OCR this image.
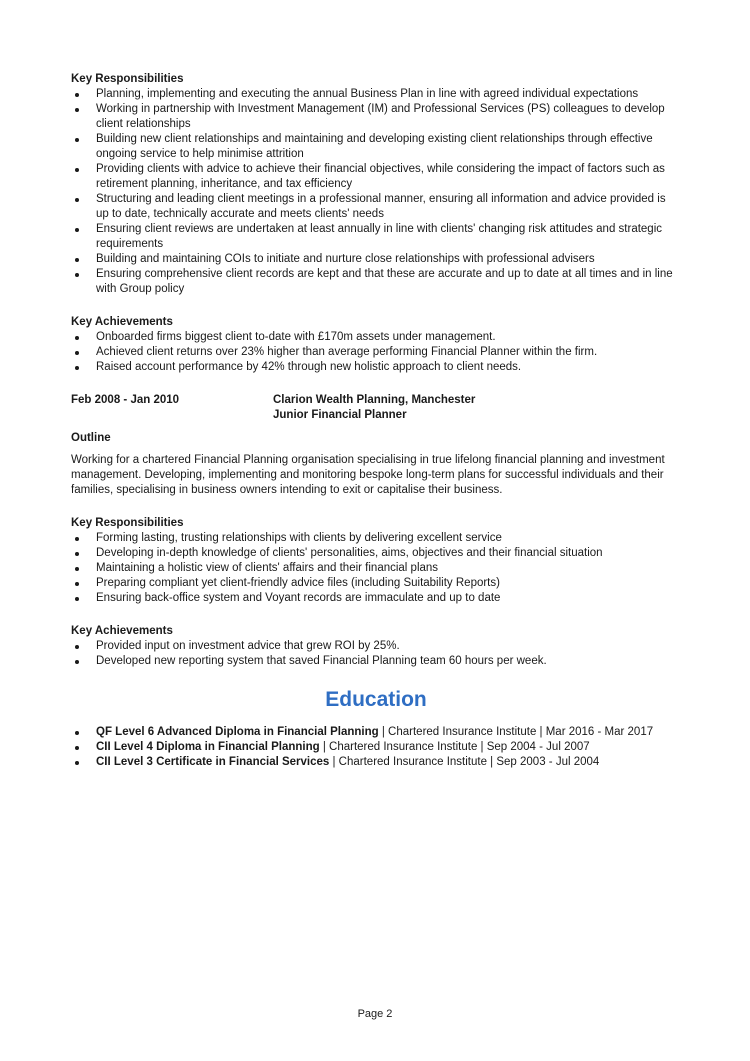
Key Responsibilities

Planning, implementing and executing the annual Business Plan in line with agreed individual expectations
Working in partnership with Investment Management (IM) and Professional Services (PS) colleagues to develop client relationships
Building new client relationships and maintaining and developing existing client relationships through effective ongoing service to help minimise attrition
Providing clients with advice to achieve their financial objectives, while considering the impact of factors such as retirement planning, inheritance, and tax efficiency
Structuring and leading client meetings in a professional manner, ensuring all information and advice provided is up to date, technically accurate and meets clients' needs
Ensuring client reviews are undertaken at least annually in line with clients' changing risk attitudes and strategic requirements
Building and maintaining COIs to initiate and nurture close relationships with professional advisers
Ensuring comprehensive client records are kept and that these are accurate and up to date at all times and in line with Group policy

Key Achievements

Onboarded firms biggest client to-date with £170m assets under management.
Achieved client returns over 23% higher than average performing Financial Planner within the firm.
Raised account performance by 42% through new holistic approach to client needs.
Feb 2008 - Jan 2010	Clarion Wealth Planning, Manchester
Junior Financial Planner

Outline

Working for a chartered Financial Planning organisation specialising in true lifelong financial planning and investment management. Developing, implementing and monitoring bespoke long-term plans for successful individuals and their families, specialising in business owners intending to exit or capitalise their business.

Key Responsibilities

Forming lasting, trusting relationships with clients by delivering excellent service
Developing in-depth knowledge of clients' personalities, aims, objectives and their financial situation
Maintaining a holistic view of clients' affairs and their financial plans
Preparing compliant yet client-friendly advice files (including Suitability Reports)
Ensuring back-office system and Voyant records are immaculate and up to date

Key Achievements

Provided input on investment advice that grew ROI by 25%.
Developed new reporting system that saved Financial Planning team 60 hours per week.
Education
QF Level 6 Advanced Diploma in Financial Planning | Chartered Insurance Institute | Mar 2016 - Mar 2017
CII Level 4 Diploma in Financial Planning | Chartered Insurance Institute | Sep 2004 - Jul 2007
CII Level 3 Certificate in Financial Services | Chartered Insurance Institute | Sep 2003 - Jul 2004
Page 2
